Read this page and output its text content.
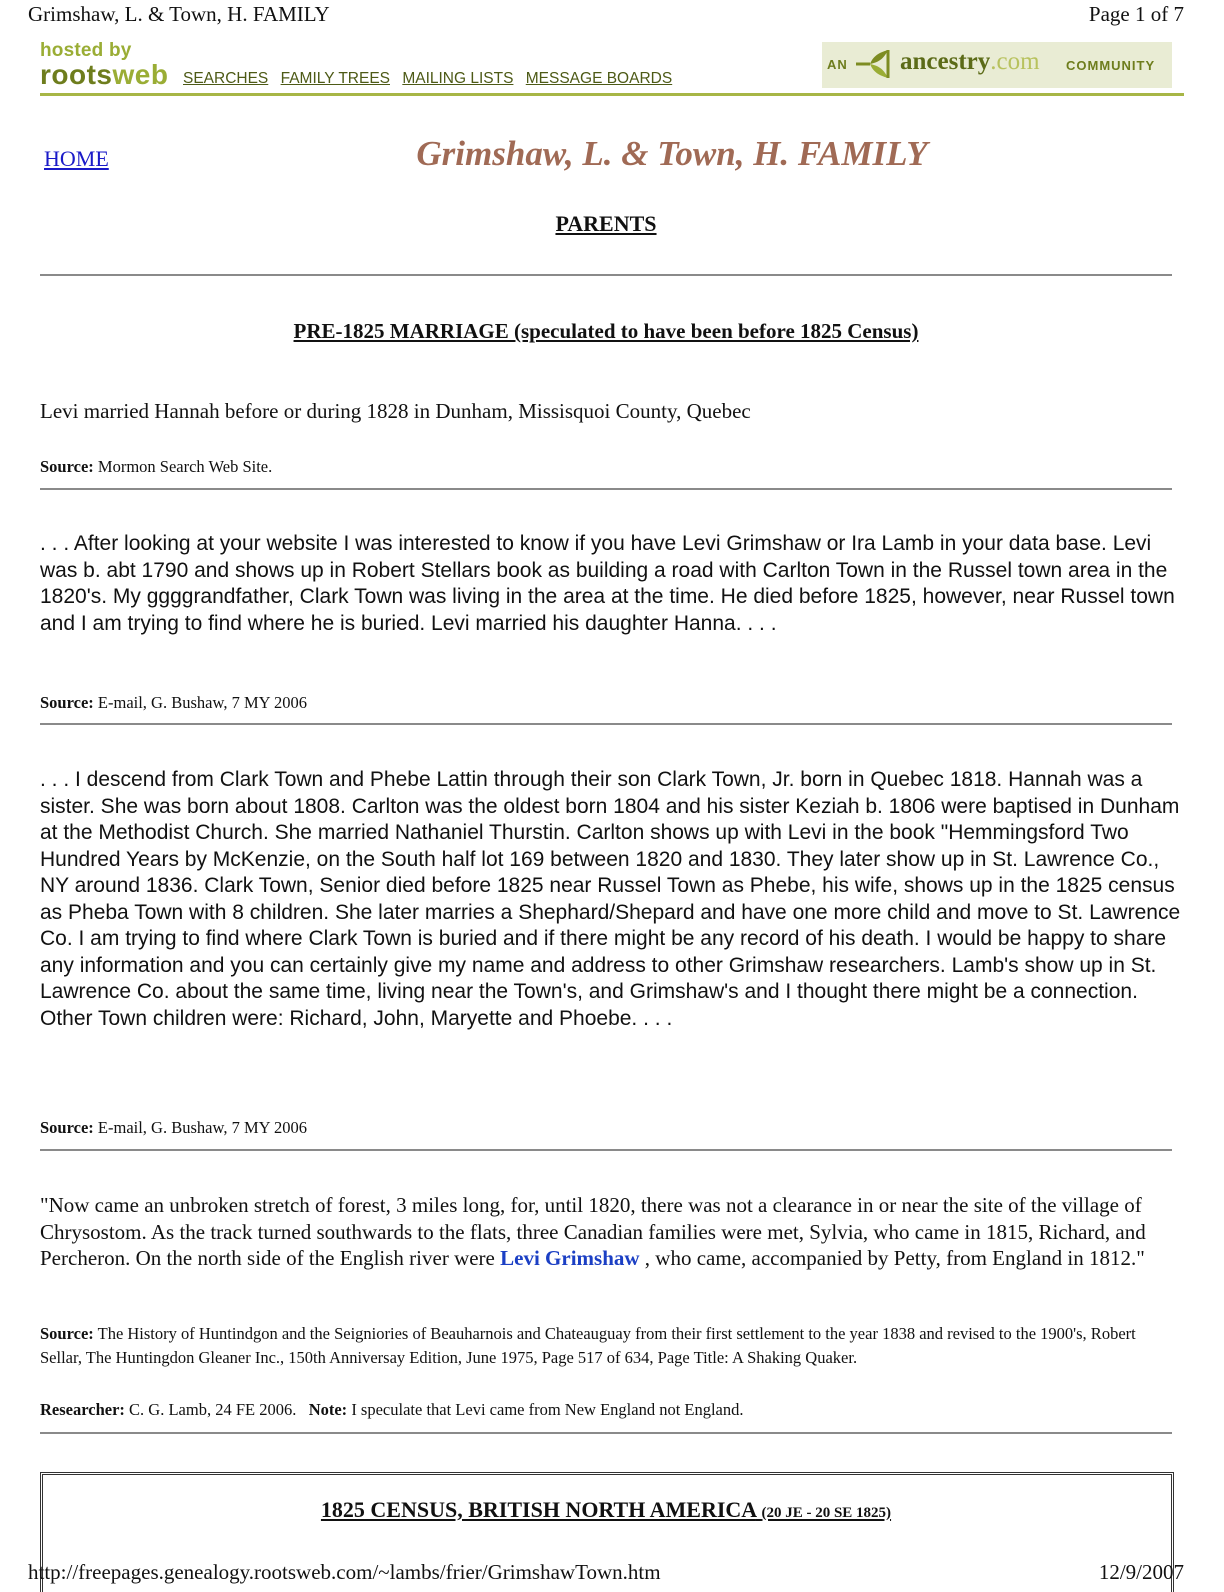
Grimshaw, L. & Town, H. FAMILY	Page 1 of 7
hosted by
rootsweb SEARCHES FAMILY TREES MAILING LISTS MESSAGE BOARDS
AN ancestry.com COMMUNITY
HOME	Grimshaw, L. & Town, H. FAMILY
PARENTS
PRE-1825 MARRIAGE (speculated to have been before 1825 Census)
Levi married Hannah before or during 1828 in Dunham, Missisquoi County, Quebec
Source: Mormon Search Web Site.
. . . After looking at your website I was interested to know if you have Levi Grimshaw or Ira Lamb in your data base. Levi was b. abt 1790 and shows up in Robert Stellars book as building a road with Carlton Town in the Russel town area in the 1820's. My ggggrandfather, Clark Town was living in the area at the time. He died before 1825, however, near Russel town and I am trying to find where he is buried. Levi married his daughter Hanna. . . .
Source: E-mail, G. Bushaw, 7 MY 2006
. . . I descend from Clark Town and Phebe Lattin through their son Clark Town, Jr. born in Quebec 1818. Hannah was a sister. She was born about 1808. Carlton was the oldest born 1804 and his sister Keziah b. 1806 were baptised in Dunham at the Methodist Church. She married Nathaniel Thurstin. Carlton shows up with Levi in the book "Hemmingsford Two Hundred Years by McKenzie, on the South half lot 169 between 1820 and 1830. They later show up in St. Lawrence Co., NY around 1836. Clark Town, Senior died before 1825 near Russel Town as Phebe, his wife, shows up in the 1825 census as Pheba Town with 8 children. She later marries a Shephard/Shepard and have one more child and move to St. Lawrence Co. I am trying to find where Clark Town is buried and if there might be any record of his death. I would be happy to share any information and you can certainly give my name and address to other Grimshaw researchers. Lamb's show up in St. Lawrence Co. about the same time, living near the Town's, and Grimshaw's and I thought there might be a connection. Other Town children were: Richard, John, Maryette and Phoebe. . . .
Source: E-mail, G. Bushaw, 7 MY 2006
"Now came an unbroken stretch of forest, 3 miles long, for, until 1820, there was not a clearance in or near the site of the village of Chrysostom. As the track turned southwards to the flats, three Canadian families were met, Sylvia, who came in 1815, Richard, and Percheron. On the north side of the English river were Levi Grimshaw , who came, accompanied by Petty, from England in 1812."
Source: The History of Huntindgon and the Seigniories of Beauharnois and Chateauguay from their first settlement to the year 1838 and revised to the 1900's, Robert Sellar, The Huntingdon Gleaner Inc., 150th Anniversay Edition, June 1975, Page 517 of 634, Page Title: A Shaking Quaker.
Researcher: C. G. Lamb, 24 FE 2006. Note: I speculate that Levi came from New England not England.
1825 CENSUS, BRITISH NORTH AMERICA (20 JE - 20 SE 1825)
http://freepages.genealogy.rootsweb.com/~lambs/frier/GrimshawTown.htm	12/9/2007
